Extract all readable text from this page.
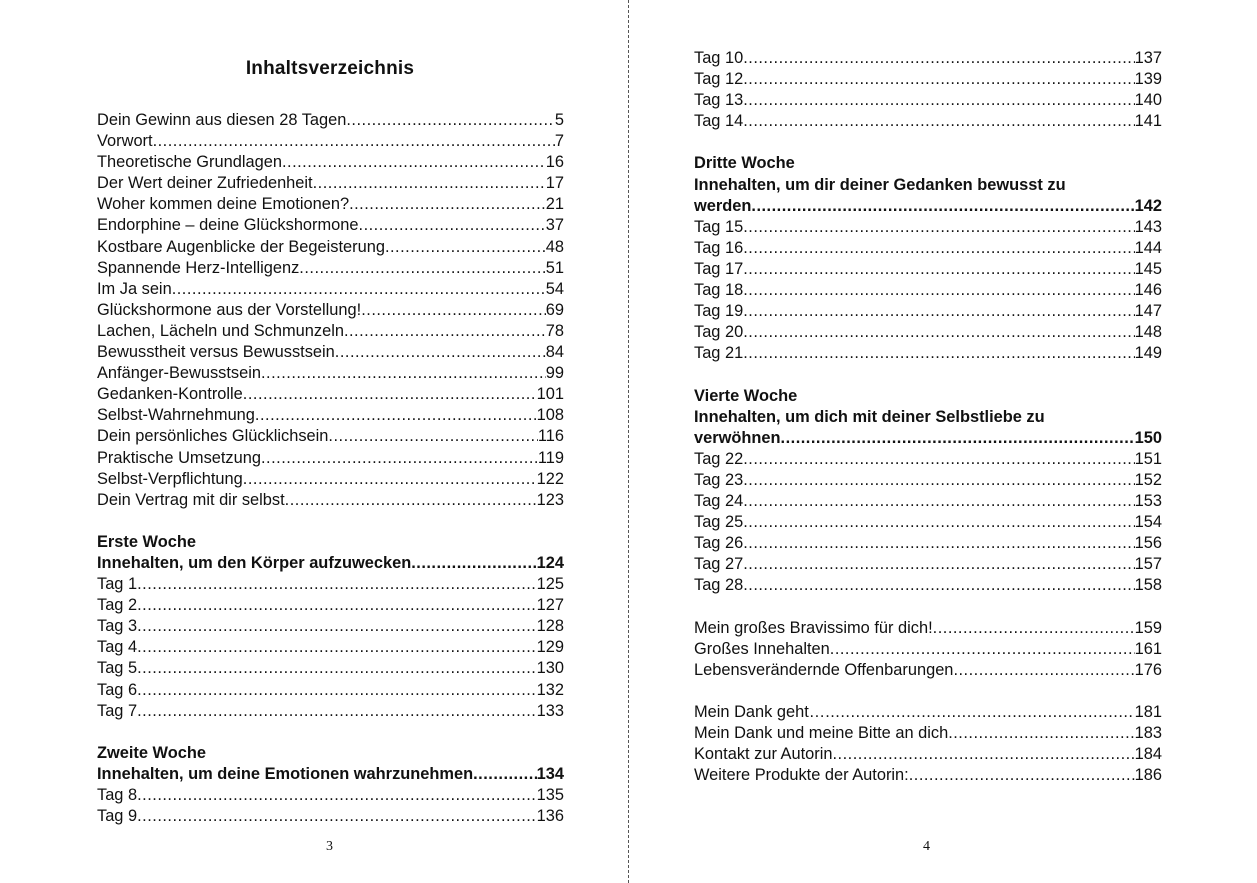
Inhaltsverzeichnis
Dein Gewinn aus diesen 28 Tagen .....	5
Vorwort .....	7
Theoretische Grundlagen .....	16
Der Wert deiner Zufriedenheit .....	17
Woher kommen deine Emotionen? .....	21
Endorphine – deine Glückshormone .....	37
Kostbare Augenblicke der Begeisterung .....	48
Spannende Herz-Intelligenz .....	51
Im Ja sein .....	54
Glückshormone aus der Vorstellung! .....	69
Lachen, Lächeln und Schmunzeln .....	78
Bewusstheit versus Bewusstsein .....	84
Anfänger-Bewusstsein .....	99
Gedanken-Kontrolle .....	101
Selbst-Wahrnehmung .....	108
Dein persönliches Glücklichsein .....	116
Praktische Umsetzung .....	119
Selbst-Verpflichtung .....	122
Dein Vertrag mit dir selbst .....	123
Erste Woche
Innehalten, um den Körper aufzuwecken .....	124
Tag 1 .....	125
Tag 2 .....	127
Tag 3 .....	128
Tag 4 .....	129
Tag 5 .....	130
Tag 6 .....	132
Tag 7 .....	133
Zweite Woche
Innehalten, um deine Emotionen wahrzunehmen .....	134
Tag 8 .....	135
Tag 9 .....	136
3
Tag 10 .....	137
Tag 12 .....	139
Tag 13 .....	140
Tag 14 .....	141
Dritte Woche
Innehalten, um dir deiner Gedanken bewusst zu
werden .....	142
Tag 15 .....	143
Tag 16 .....	144
Tag 17 .....	145
Tag 18 .....	146
Tag 19 .....	147
Tag 20 .....	148
Tag 21 .....	149
Vierte Woche
Innehalten, um dich mit deiner Selbstliebe zu
verwöhnen .....	150
Tag 22 .....	151
Tag 23 .....	152
Tag 24 .....	153
Tag 25 .....	154
Tag 26 .....	156
Tag 27 .....	157
Tag 28 .....	158
Mein großes Bravissimo für dich! .....	159
Großes Innehalten .....	161
Lebensverändernde Offenbarungen .....	176
Mein Dank geht… .....	181
Mein Dank und meine Bitte an dich .....	183
Kontakt zur Autorin .....	184
Weitere Produkte der Autorin: .....	186
4
